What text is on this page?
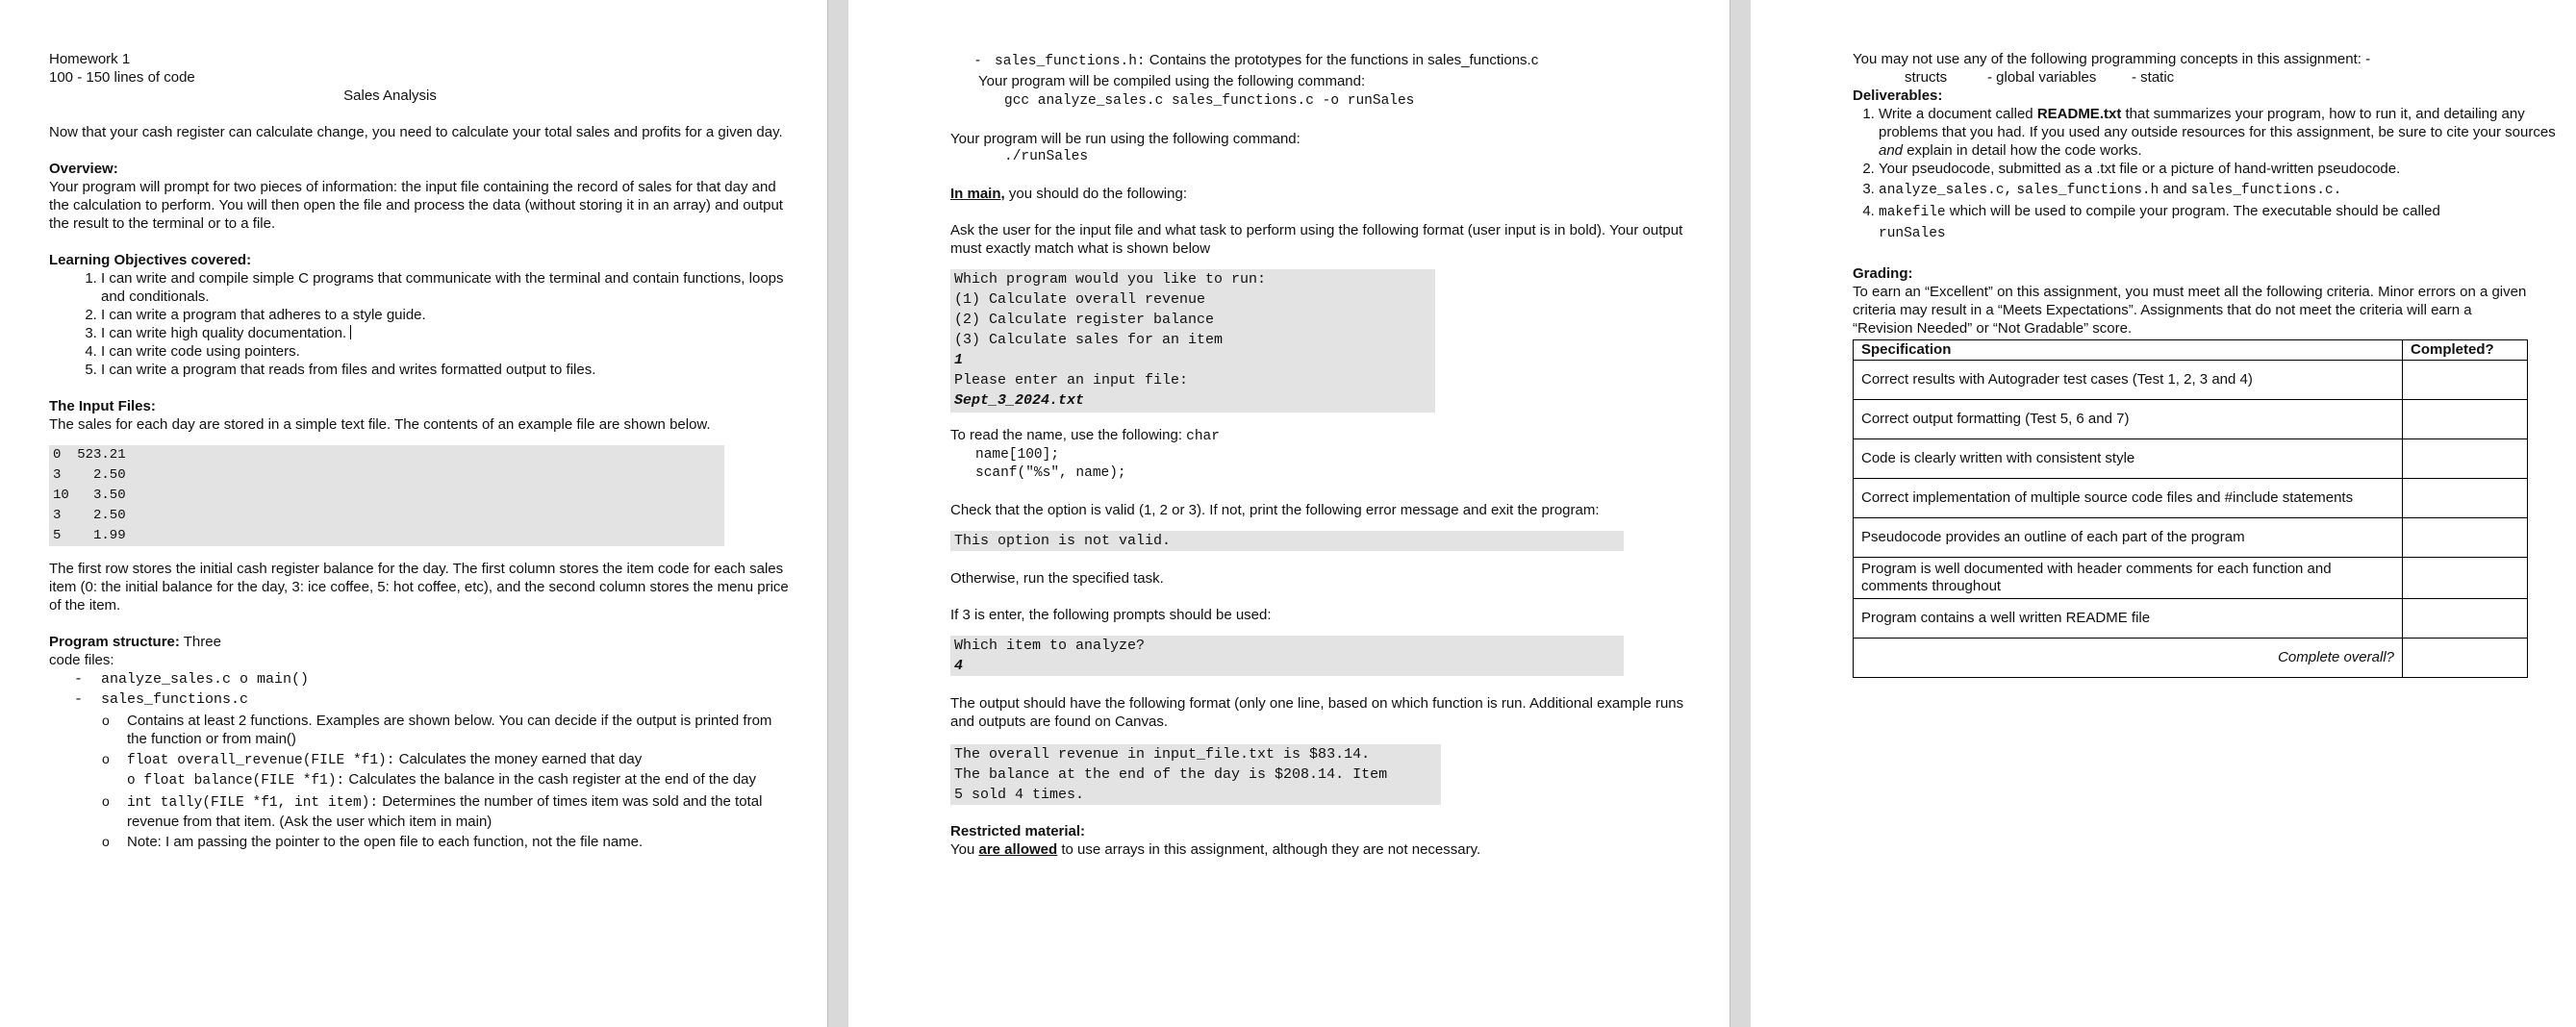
Homework 1
100 - 150 lines of code
Sales Analysis
Now that your cash register can calculate change, you need to calculate your total sales and profits for a given day.
Overview:
Your program will prompt for two pieces of information: the input file containing the record of sales for that day and the calculation to perform. You will then open the file and process the data (without storing it in an array) and output the result to the terminal or to a file.
Learning Objectives covered:
1. I can write and compile simple C programs that communicate with the terminal and contain functions, loops and conditionals.
2. I can write a program that adheres to a style guide.
3. I can write high quality documentation.
4. I can write code using pointers.
5. I can write a program that reads from files and writes formatted output to files.
The Input Files:
The sales for each day are stored in a simple text file. The contents of an example file are shown below.
0  523.21
3    2.50
10   3.50
3    2.50
5    1.99
The first row stores the initial cash register balance for the day. The first column stores the item code for each sales item (0: the initial balance for the day, 3: ice coffee, 5: hot coffee, etc), and the second column stores the menu price of the item.
Program structure: Three
code files:
- analyze_sales.c o main()
- sales_functions.c
o Contains at least 2 functions. Examples are shown below. You can decide if the output is printed from the function or from main()
o float overall_revenue(FILE *f1): Calculates the money earned that day
o float balance(FILE *f1): Calculates the balance in the cash register at the end of the day
o int tally(FILE *f1, int item): Determines the number of times item was sold and the total revenue from that item. (Ask the user which item in main)
o Note: I am passing the pointer to the open file to each function, not the file name.
- sales_functions.h: Contains the prototypes for the functions in sales_functions.c
Your program will be compiled using the following command:
gcc analyze_sales.c sales_functions.c -o runSales
Your program will be run using the following command:
./runSales
In main, you should do the following:
Ask the user for the input file and what task to perform using the following format (user input is in bold). Your output must exactly match what is shown below
Which program would you like to run:
(1) Calculate overall revenue
(2) Calculate register balance
(3) Calculate sales for an item
1
Please enter an input file:
Sept_3_2024.txt
To read the name, use the following: char
name[100];
scanf("%s", name);
Check that the option is valid (1, 2 or 3). If not, print the following error message and exit the program:
This option is not valid.
Otherwise, run the specified task.
If 3 is enter, the following prompts should be used:
Which item to analyze?
4
The output should have the following format (only one line, based on which function is run. Additional example runs and outputs are found on Canvas.
The overall revenue in input_file.txt is $83.14.
The balance at the end of the day is $208.14. Item
5 sold 4 times.
Restricted material:
You are allowed to use arrays in this assignment, although they are not necessary.
You may not use any of the following programming concepts in this assignment: -
structs	- global variables - static
Deliverables:
1. Write a document called README.txt that summarizes your program, how to run it, and detailing any problems that you had. If you used any outside resources for this assignment, be sure to cite your sources and explain in detail how the code works.
2. Your pseudocode, submitted as a .txt file or a picture of hand-written pseudocode.
3. analyze_sales.c, sales_functions.h and sales_functions.c.
4. makefile which will be used to compile your program. The executable should be called
runSales
Grading:
To earn an “Excellent” on this assignment, you must meet all the following criteria. Minor errors on a given criteria may result in a “Meets Expectations”. Assignments that do not meet the criteria will earn a “Revision Needed” or “Not Gradable” score.
Specification	Completed?
Correct results with Autograder test cases (Test 1, 2, 3 and 4)	
Correct output formatting (Test 5, 6 and 7)	
Code is clearly written with consistent style	
Correct implementation of multiple source code files and #include statements	
Pseudocode provides an outline of each part of the program	
Program is well documented with header comments for each function and comments throughout	
Program contains a well written README file	
Complete overall?	
